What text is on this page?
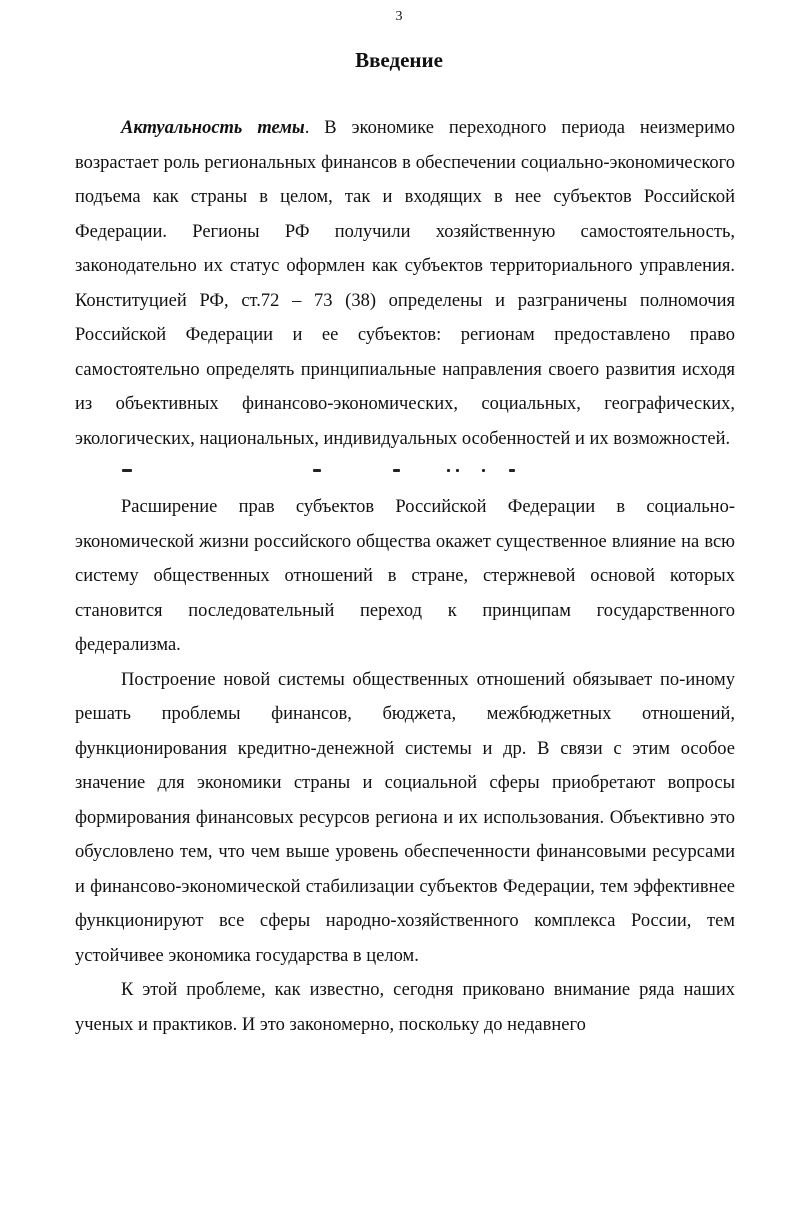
3
Введение

Актуальность темы. В экономике переходного периода неизмеримо возрастает роль региональных финансов в обеспечении социально-экономического подъема как страны в целом, так и входящих в нее субъектов Российской Федерации. Регионы РФ получили хозяйственную самостоятельность, законодательно их статус оформлен как субъектов территориального управления. Конституцией РФ, ст.72 – 73 (38) определены и разграничены полномочия Российской Федерации и ее субъектов: регионам предоставлено право самостоятельно определять принципиальные направления своего развития исходя из объективных финансово-экономических, социальных, географических, экологических, национальных, индивидуальных особенностей и их возможностей.

Расширение прав субъектов Российской Федерации в социально-экономической жизни российского общества окажет существенное влияние на всю систему общественных отношений в стране, стержневой основой которых становится последовательный переход к принципам государственного федерализма.

Построение новой системы общественных отношений обязывает по-иному решать проблемы финансов, бюджета, межбюджетных отношений, функционирования кредитно-денежной системы и др. В связи с этим особое значение для экономики страны и социальной сферы приобретают вопросы формирования финансовых ресурсов региона и их использования. Объективно это обусловлено тем, что чем выше уровень обеспеченности финансовыми ресурсами и финансово-экономической стабилизации субъектов Федерации, тем эффективнее функционируют все сферы народно-хозяйственного комплекса России, тем устойчивее экономика государства в целом.

К этой проблеме, как известно, сегодня приковано внимание ряда наших ученых и практиков. И это закономерно, поскольку до недавнего
